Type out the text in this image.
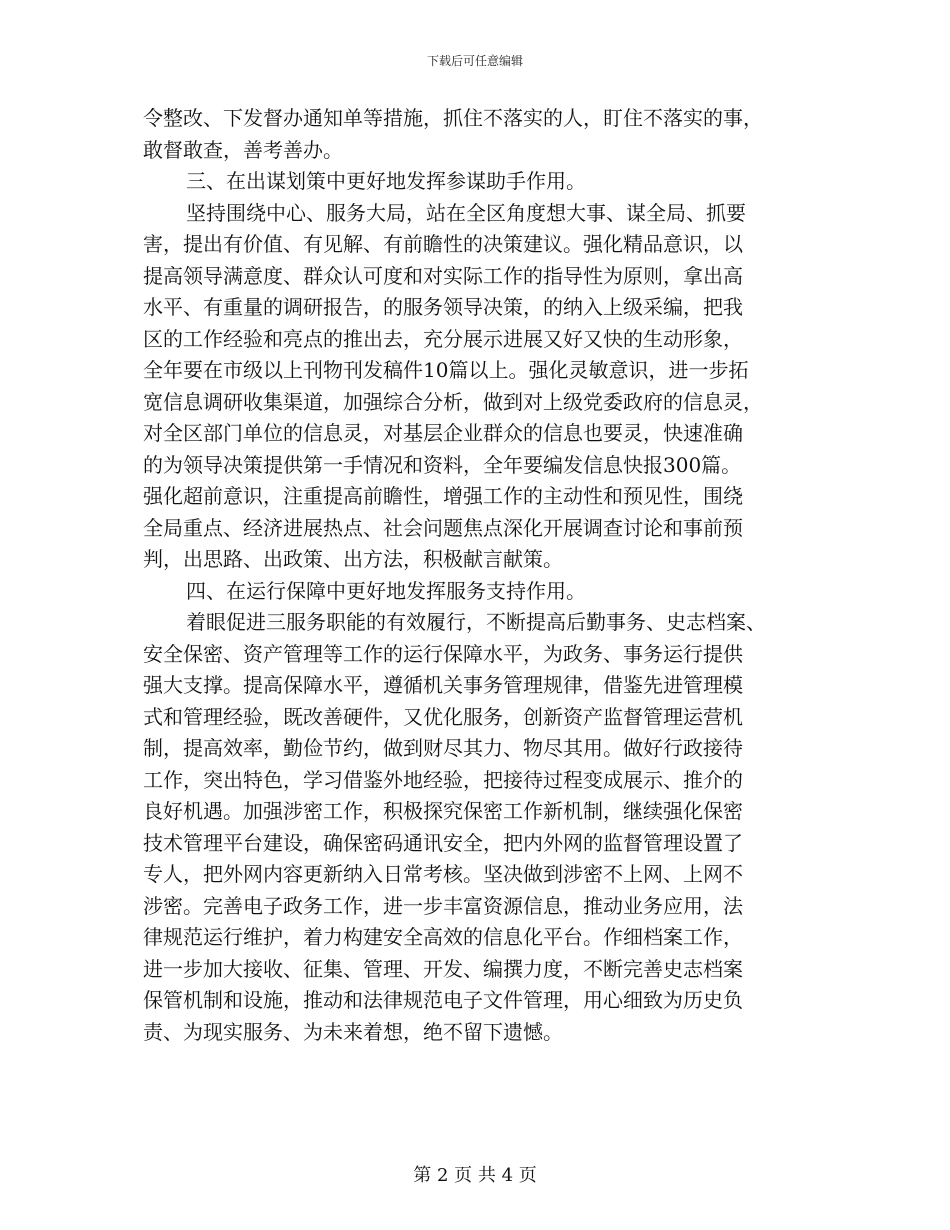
下载后可任意编辑
令整改、下发督办通知单等措施，抓住不落实的人，盯住不落实的事，
敢督敢查，善考善办。
三、在出谋划策中更好地发挥参谋助手作用。
坚持围绕中心、服务大局，站在全区角度想大事、谋全局、抓要
害，提出有价值、有见解、有前瞻性的决策建议。强化精品意识，以
提高领导满意度、群众认可度和对实际工作的指导性为原则，拿出高
水平、有重量的调研报告，的服务领导决策，的纳入上级采编，把我
区的工作经验和亮点的推出去，充分展示进展又好又快的生动形象，
全年要在市级以上刊物刊发稿件10篇以上。强化灵敏意识，进一步拓
宽信息调研收集渠道，加强综合分析，做到对上级党委政府的信息灵，
对全区部门单位的信息灵，对基层企业群众的信息也要灵，快速准确
的为领导决策提供第一手情况和资料，全年要编发信息快报300篇。
强化超前意识，注重提高前瞻性，增强工作的主动性和预见性，围绕
全局重点、经济进展热点、社会问题焦点深化开展调查讨论和事前预
判，出思路、出政策、出方法，积极献言献策。
四、在运行保障中更好地发挥服务支持作用。
着眼促进三服务职能的有效履行，不断提高后勤事务、史志档案、
安全保密、资产管理等工作的运行保障水平，为政务、事务运行提供
强大支撑。提高保障水平，遵循机关事务管理规律，借鉴先进管理模
式和管理经验，既改善硬件，又优化服务，创新资产监督管理运营机
制，提高效率，勤俭节约，做到财尽其力、物尽其用。做好行政接待
工作，突出特色，学习借鉴外地经验，把接待过程变成展示、推介的
良好机遇。加强涉密工作，积极探究保密工作新机制，继续强化保密
技术管理平台建设，确保密码通讯安全，把内外网的监督管理设置了
专人，把外网内容更新纳入日常考核。坚决做到涉密不上网、上网不
涉密。完善电子政务工作，进一步丰富资源信息，推动业务应用，法
律规范运行维护，着力构建安全高效的信息化平台。作细档案工作，
进一步加大接收、征集、管理、开发、编撰力度，不断完善史志档案
保管机制和设施，推动和法律规范电子文件管理，用心细致为历史负
责、为现实服务、为未来着想，绝不留下遗憾。
第 2 页 共 4 页
